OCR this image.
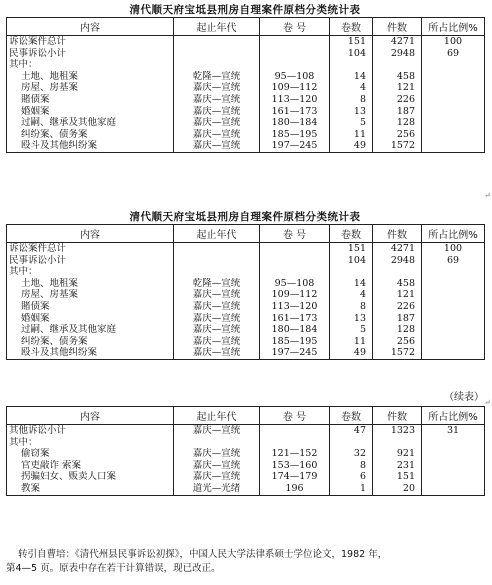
清代顺天府宝坻县刑房自理案件原档分类统计表
内容	起止年代	卷 号	卷数	件数	所占比例%
诉讼案件总计			151	4271	100
民事诉讼小计			104	2948	69
其中：					
土地、地租案	乾隆—宣统	95—108	14	458	
房屋、房基案	嘉庆—宣统	109—112	4	121	
賭债案	嘉庆—宣统	113—120	8	226	
婚姻案	嘉庆—宣统	161—173	13	187	
过嗣、继承及其他家庭	嘉庆—宣统	180—184	5	128	
纠纷案、债务案	嘉庆—宣统	185—195	11	256	
殴斗及其他纠纷案	嘉庆—宣统	197—245	49	1572	
清代顺天府宝坻县刑房自理案件原档分类统计表
内容	起止年代	卷 号	卷数	件数	所占比例%
诉讼案件总计			151	4271	100
民事诉讼小计			104	2948	69
其中：					
土地、地租案	乾隆—宣统	95—108	14	458	
房屋、房基案	嘉庆—宣统	109—112	4	121	
賭债案	嘉庆—宣统	113—120	8	226	
婚姻案	嘉庆—宣统	161—173	13	187	
过嗣、继承及其他家庭	嘉庆—宣统	180—184	5	128	
纠纷案、债务案	嘉庆—宣统	185—195	11	256	
殴斗及其他纠纷案	嘉庆—宣统	197—245	49	1572	
（续表）
内容	起止年代	卷 号	卷数	件数	所占比例%
其他诉讼小计	嘉庆—宣统		47	1323	31
其中：					
偷窃案	嘉庆—宣统	121—152	32	921	
官吏敲诈 索案	嘉庆—宣统	153—160	8	231	
拐骗妇女、贩卖人口案	嘉庆—宣统	174—179	6	151	
教案	道光—光绪	196	1	20	
转引自曹培：《清代州县民事诉讼初探》，中国人民大学法律系硕士学位论文，1982 年，
第4—5 页。原表中存在若干计算错误，现已改正。
↵
↵
